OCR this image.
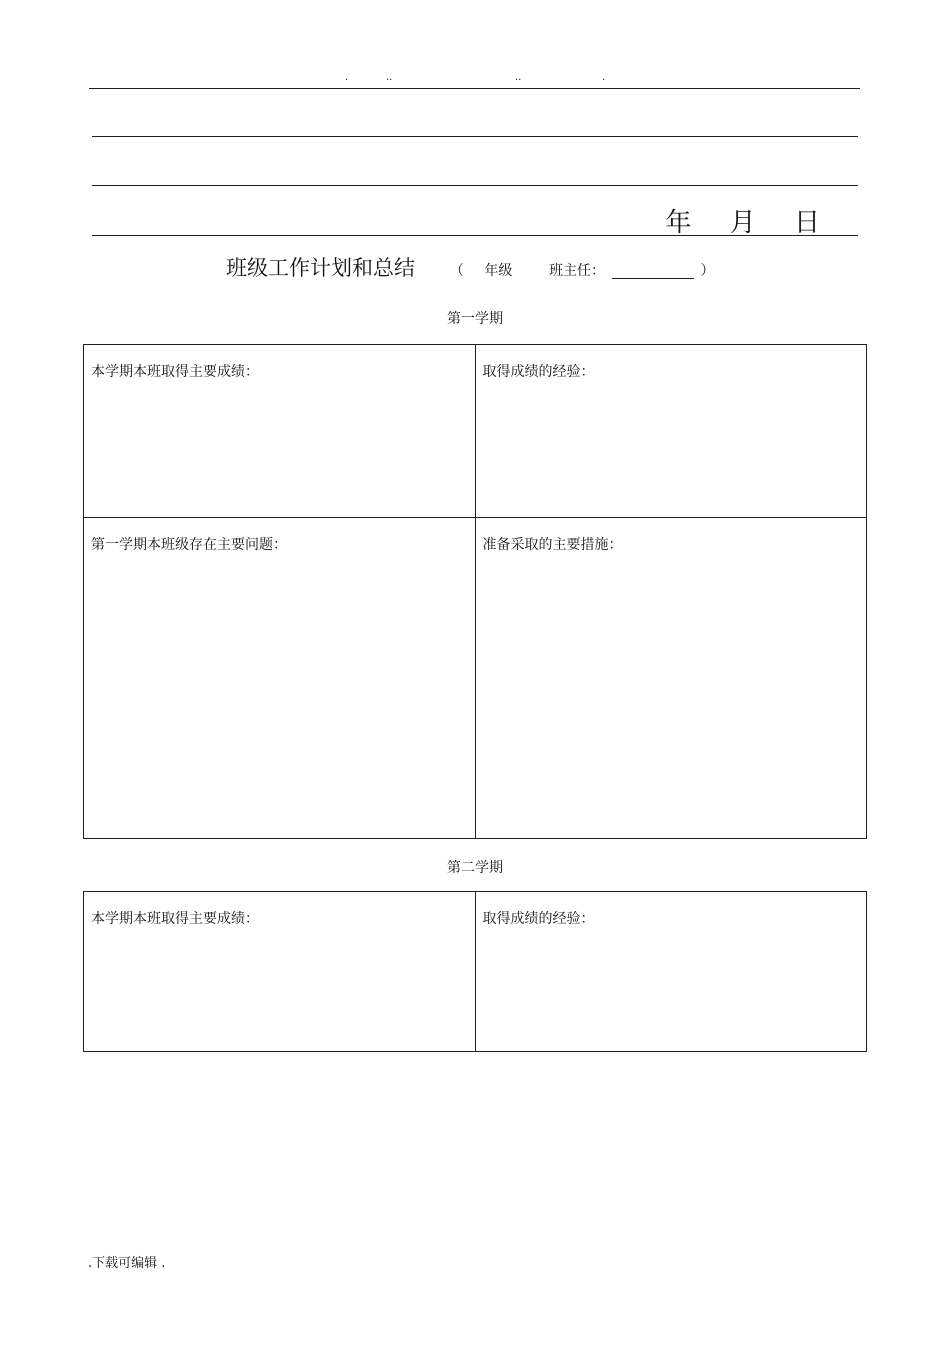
.	..	..	.
年 月 日
班级工作计划和总结 （ 年级	班主任：	）
第一学期
本学期本班取得主要成绩：	取得成绩的经验：
第一学期本班级存在主要问题：	准备采取的主要措施：
第二学期
本学期本班取得主要成绩：	取得成绩的经验：
.下载可编辑 .
